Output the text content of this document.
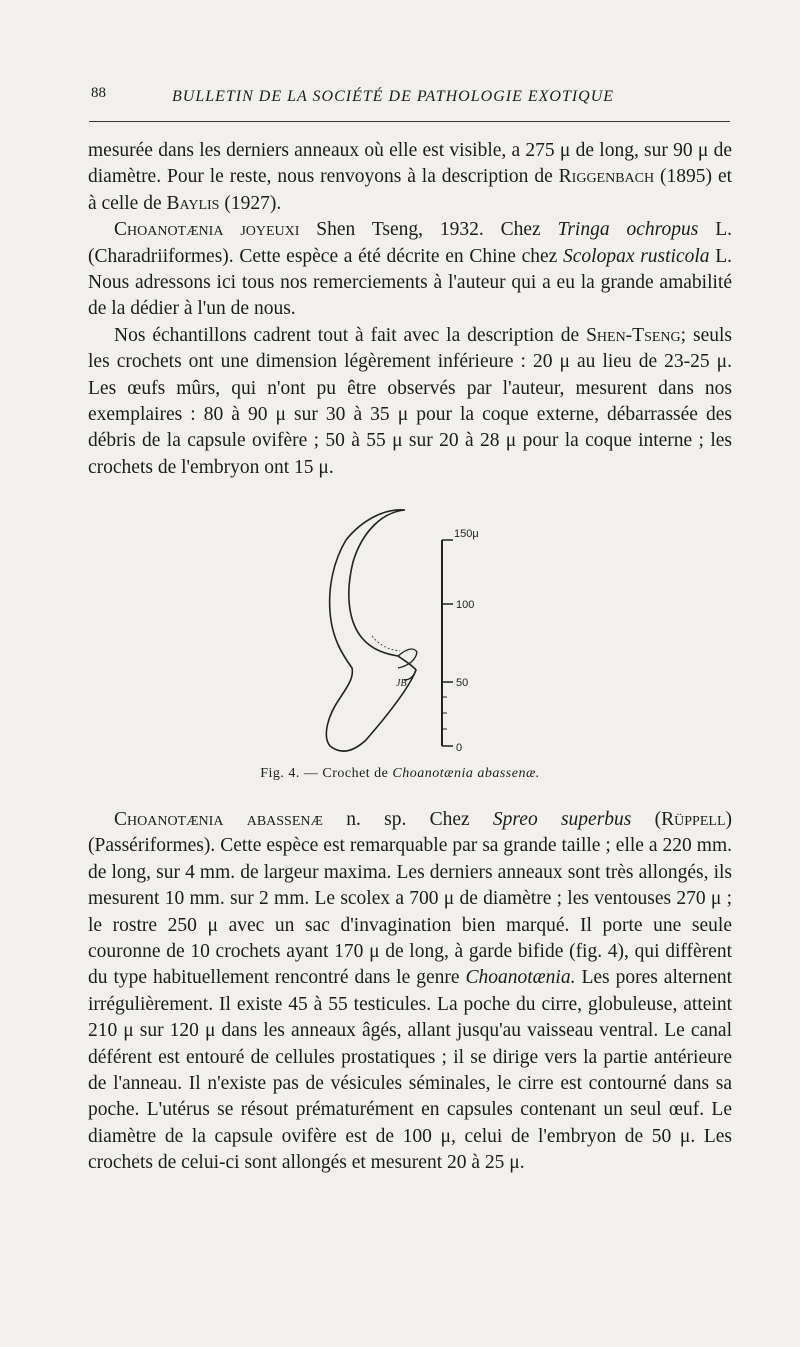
88	BULLETIN DE LA SOCIÉTÉ DE PATHOLOGIE EXOTIQUE

mesurée dans les derniers anneaux où elle est visible, a 275 μ de long, sur 90 μ de diamètre. Pour le reste, nous renvoyons à la description de Riggenbach (1895) et à celle de Baylis (1927).

Choanotænia joyeuxi Shen Tseng, 1932. Chez Tringa ochropus L. (Charadriiformes). Cette espèce a été décrite en Chine chez Scolopax rusticola L. Nous adressons ici tous nos remerciements à l'auteur qui a eu la grande amabilité de la dédier à l'un de nous.

Nos échantillons cadrent tout à fait avec la description de Shen-Tseng; seuls les crochets ont une dimension légèrement inférieure : 20 μ au lieu de 23-25 μ. Les œufs mûrs, qui n'ont pu être observés par l'auteur, mesurent dans nos exemplaires : 80 à 90 μ sur 30 à 35 μ pour la coque externe, débarrassée des débris de la capsule ovifère ; 50 à 55 μ sur 20 à 28 μ pour la coque interne ; les crochets de l'embryon ont 15 μ.

JB
150μ
100
50
0
Fig. 4. — Crochet de Choanotænia abassenæ.

Choanotænia abassenæ n. sp. Chez Spreo superbus (Rüppell) (Passériformes). Cette espèce est remarquable par sa grande taille ; elle a 220 mm. de long, sur 4 mm. de largeur maxima. Les derniers anneaux sont très allongés, ils mesurent 10 mm. sur 2 mm. Le scolex a 700 μ de diamètre ; les ventouses 270 μ ; le rostre 250 μ avec un sac d'invagination bien marqué. Il porte une seule couronne de 10 crochets ayant 170 μ de long, à garde bifide (fig. 4), qui diffèrent du type habituellement rencontré dans le genre Choanotænia. Les pores alternent irrégulièrement. Il existe 45 à 55 testicules. La poche du cirre, globuleuse, atteint 210 μ sur 120 μ dans les anneaux âgés, allant jusqu'au vaisseau ventral. Le canal déférent est entouré de cellules prostatiques ; il se dirige vers la partie antérieure de l'anneau. Il n'existe pas de vésicules séminales, le cirre est contourné dans sa poche. L'utérus se résout prématurément en capsules contenant un seul œuf. Le diamètre de la capsule ovifère est de 100 μ, celui de l'embryon de 50 μ. Les crochets de celui-ci sont allongés et mesurent 20 à 25 μ.
